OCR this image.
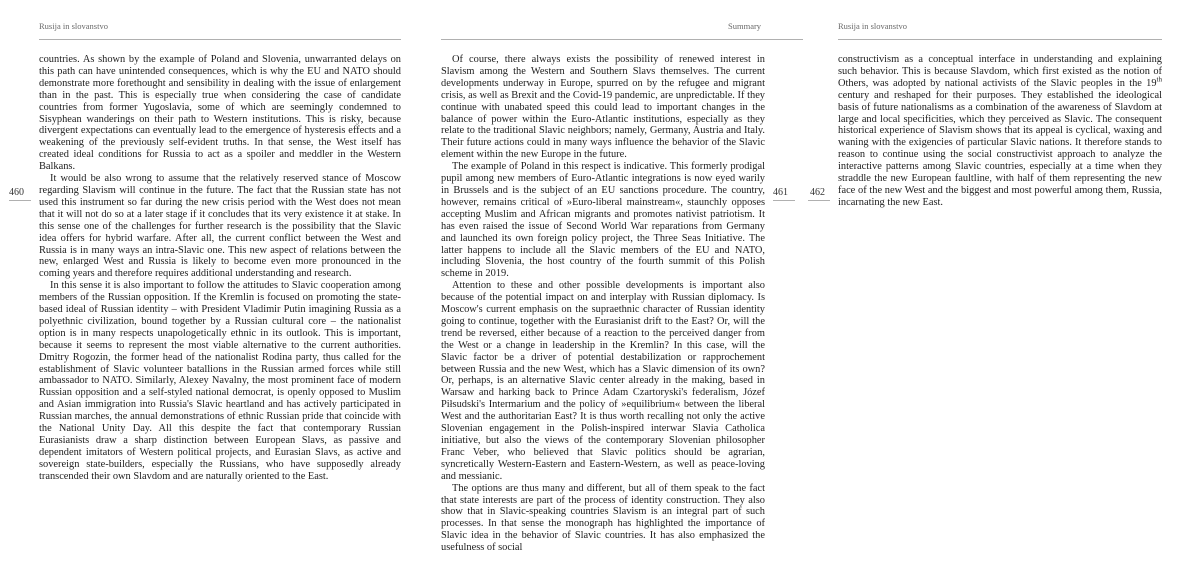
Rusija in slovanstvo
460

countries. As shown by the example of Poland and Slovenia, unwarranted delays on this path can have unintended consequences, which is why the EU and NATO should demonstrate more forethought and sensibility in dealing with the issue of enlargement than in the past. This is especially true when considering the case of candidate countries from former Yugoslavia, some of which are seemingly condemned to Sisyphean wanderings on their path to Western institutions. This is risky, because divergent expectations can eventually lead to the emergence of hysteresis effects and a weakening of the previously self-evident truths. In that sense, the West itself has created ideal conditions for Russia to act as a spoiler and meddler in the Western Balkans.

It would be also wrong to assume that the relatively reserved stance of Moscow regarding Slavism will continue in the future. The fact that the Russian state has not used this instrument so far during the new crisis period with the West does not mean that it will not do so at a later stage if it concludes that its very existence it at stake. In this sense one of the challenges for further research is the possibility that the Slavic idea offers for hybrid warfare. After all, the current conflict between the West and Russia is in many ways an intra-Slavic one. This new aspect of relations between the new, enlarged West and Russia is likely to become even more pronounced in the coming years and therefore requires additional understanding and research.

In this sense it is also important to follow the attitudes to Slavic cooperation among members of the Russian opposition. If the Kremlin is focused on promoting the state-based ideal of Russian identity – with President Vladimir Putin imagining Russia as a polyethnic civilization, bound together by a Russian cultural core – the nationalist option is in many respects unapologetically ethnic in its outlook. This is important, because it seems to represent the most viable alternative to the current authorities. Dmitry Rogozin, the former head of the nationalist Rodina party, thus called for the establishment of Slavic volunteer batallions in the Russian armed forces while still ambassador to NATO. Similarly, Alexey Navalny, the most prominent face of modern Russian opposition and a self-styled national democrat, is openly opposed to Muslim and Asian immigration into Russia's Slavic heartland and has actively participated in Russian marches, the annual demonstrations of ethnic Russian pride that coincide with the National Unity Day. All this despite the fact that contemporary Russian Eurasianists draw a sharp distinction between European Slavs, as passive and dependent imitators of Western political projects, and Eurasian Slavs, as active and sovereign state-builders, especially the Russians, who have supposedly already transcended their own Slavdom and are naturally oriented to the East.

Summary
461

Of course, there always exists the possibility of renewed interest in Slavism among the Western and Southern Slavs themselves. The current developments underway in Europe, spurred on by the refugee and migrant crisis, as well as Brexit and the Covid-19 pandemic, are unpredictable. If they continue with unabated speed this could lead to important changes in the balance of power within the Euro-Atlantic institutions, especially as they relate to the traditional Slavic neighbors; namely, Germany, Austria and Italy. Their future actions could in many ways influence the behavior of the Slavic element within the new Europe in the future.

The example of Poland in this respect is indicative. This formerly prodigal pupil among new members of Euro-Atlantic integrations is now eyed warily in Brussels and is the subject of an EU sanctions procedure. The country, however, remains critical of »Euro-liberal mainstream«, staunchly opposes accepting Muslim and African migrants and promotes nativist patriotism. It has even raised the issue of Second World War reparations from Germany and launched its own foreign policy project, the Three Seas Initiative. The latter happens to include all the Slavic members of the EU and NATO, including Slovenia, the host country of the fourth summit of this Polish scheme in 2019.

Attention to these and other possible developments is important also because of the potential impact on and interplay with Russian diplomacy. Is Moscow's current emphasis on the supraethnic character of Russian identity going to continue, together with the Eurasianist drift to the East? Or, will the trend be reversed, either because of a reaction to the perceived danger from the West or a change in leadership in the Kremlin? In this case, will the Slavic factor be a driver of potential destabilization or rapprochement between Russia and the new West, which has a Slavic dimension of its own? Or, perhaps, is an alternative Slavic center already in the making, based in Warsaw and harking back to Prince Adam Czartoryski's federalism, Józef Piłsudski's Intermarium and the policy of »equilibrium« between the liberal West and the authoritarian East? It is thus worth recalling not only the active Slovenian engagement in the Polish-inspired interwar Slavia Catholica initiative, but also the views of the contemporary Slovenian philosopher Franc Veber, who believed that Slavic politics should be agrarian, syncretically Western-Eastern and Eastern-Western, as well as peace-loving and messianic.

The options are thus many and different, but all of them speak to the fact that state interests are part of the process of identity construction. They also show that in Slavic-speaking countries Slavism is an integral part of such processes. In that sense the monograph has highlighted the importance of Slavic idea in the behavior of Slavic countries. It has also emphasized the usefulness of social

Rusija in slovanstvo
462

constructivism as a conceptual interface in understanding and explaining such behavior. This is because Slavdom, which first existed as the notion of Others, was adopted by national activists of the Slavic peoples in the 19th century and reshaped for their purposes. They established the ideological basis of future nationalisms as a combination of the awareness of Slavdom at large and local specificities, which they perceived as Slavic. The consequent historical experience of Slavism shows that its appeal is cyclical, waxing and waning with the exigencies of particular Slavic nations. It therefore stands to reason to continue using the social constructivist approach to analyze the interactive patterns among Slavic countries, especially at a time when they straddle the new European faultline, with half of them representing the new face of the new West and the biggest and most powerful among them, Russia, incarnating the new East.
